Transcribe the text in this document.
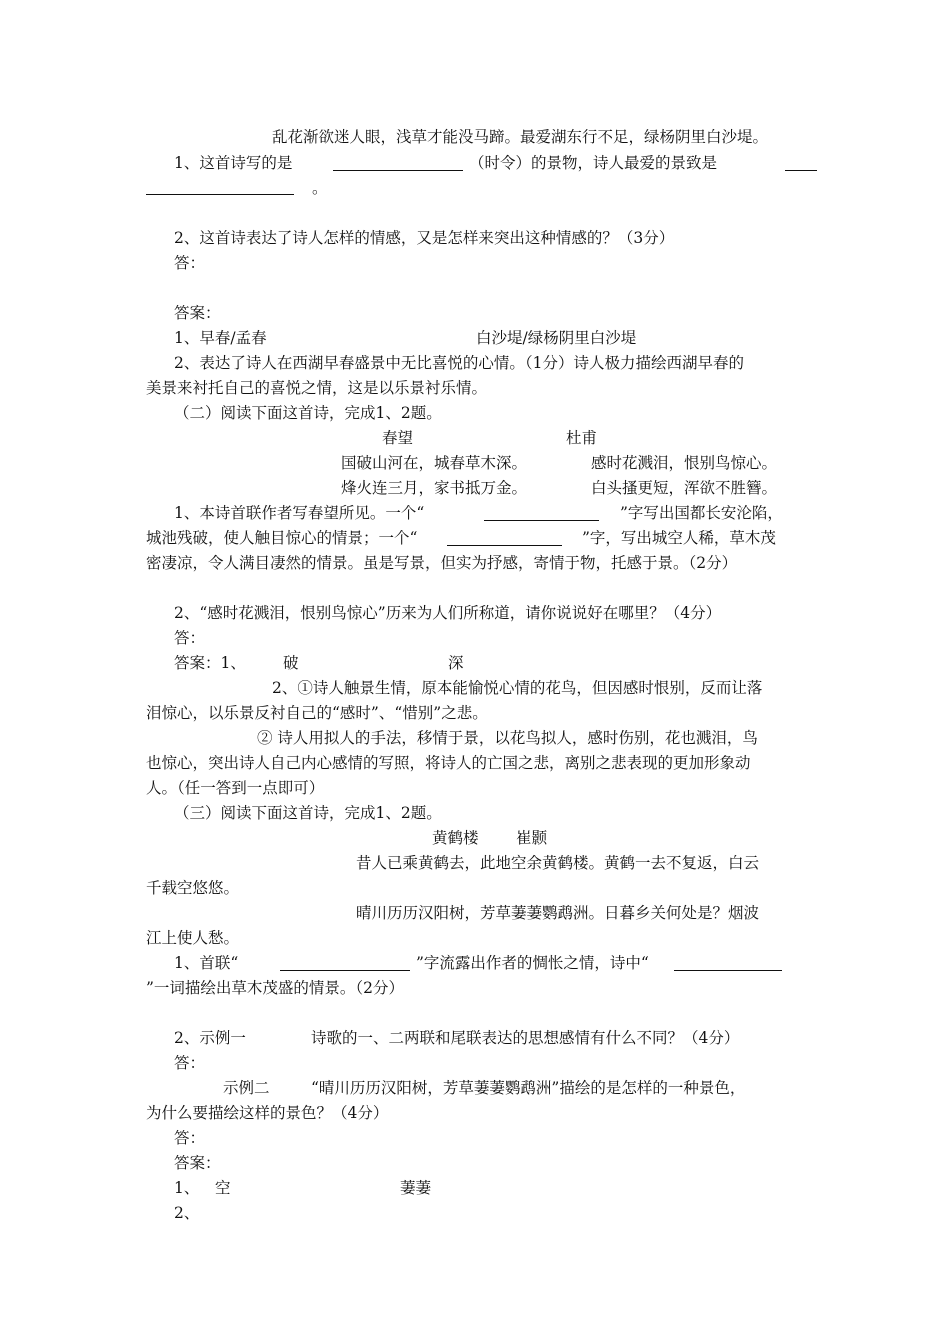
乱花渐欲迷人眼，浅草才能没马蹄。最爱湖东行不足，绿杨阴里白沙堤。
1、这首诗写的是	（时令）的景物，诗人最爱的景致是
。
2、这首诗表达了诗人怎样的情感，又是怎样来突出这种情感的？（3分）
答：
答案：
1、早春/孟春	白沙堤/绿杨阴里白沙堤
2、表达了诗人在西湖早春盛景中无比喜悦的心情。（1分）诗人极力描绘西湖早春的
美景来衬托自己的喜悦之情，这是以乐景衬乐情。
（二）阅读下面这首诗，完成1、2题。
春望	杜甫
国破山河在，城春草木深。	感时花溅泪，恨别鸟惊心。
烽火连三月，家书抵万金。	白头搔更短，浑欲不胜簪。
1、本诗首联作者写春望所见。一个“	”字写出国都长安沦陷，
城池残破，使人触目惊心的情景；一个“	”字，写出城空人稀，草木茂
密凄凉，令人满目凄然的情景。虽是写景，但实为抒感，寄情于物，托感于景。（2分）
2、“感时花溅泪，恨别鸟惊心”历来为人们所称道，请你说说好在哪里？（4分）
答：
答案：1、 破	深
2、①诗人触景生情，原本能愉悦心情的花鸟，但因感时恨别，反而让落
泪惊心，以乐景反衬自己的“感时”、“惜别”之悲。
② 诗人用拟人的手法，移情于景，以花鸟拟人，感时伤别，花也溅泪，鸟
也惊心，突出诗人自己内心感情的写照，将诗人的亡国之悲，离别之悲表现的更加形象动
人。（任一答到一点即可）
（三）阅读下面这首诗，完成1、2题。
黄鹤楼 崔颢
昔人已乘黄鹤去，此地空余黄鹤楼。黄鹤一去不复返，白云
千载空悠悠。
晴川历历汉阳树，芳草萋萋鹦鹉洲。日暮乡关何处是？烟波
江上使人愁。
1、首联“	”字流露出作者的惆怅之情，诗中“
”一词描绘出草木茂盛的情景。（2分）
2、示例一	诗歌的一、二两联和尾联表达的思想感情有什么不同？（4分）
答：
示例二	“晴川历历汉阳树，芳草萋萋鹦鹉洲”描绘的是怎样的一种景色，
为什么要描绘这样的景色？（4分）
答：
答案：
1、 空	萋萋
2、
